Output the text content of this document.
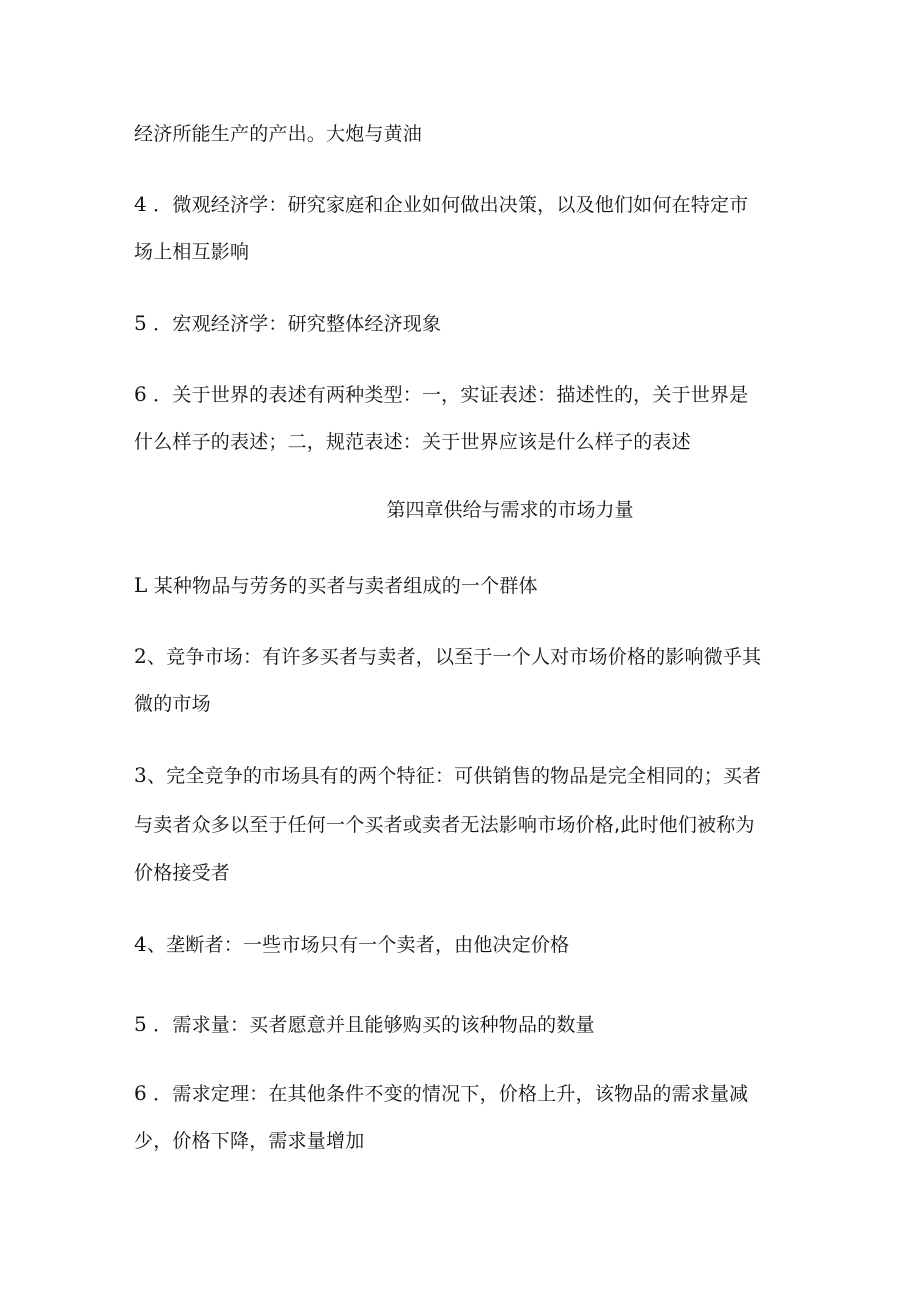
经济所能生产的产出。大炮与黄油
4 ．微观经济学：研究家庭和企业如何做出决策，以及他们如何在特定市
场上相互影响
5 ．宏观经济学：研究整体经济现象
6 ．关于世界的表述有两种类型：一，实证表述：描述性的，关于世界是
什么样子的表述；二，规范表述：关于世界应该是什么样子的表述
第四章供给与需求的市场力量
L 某种物品与劳务的买者与卖者组成的一个群体
2、竞争市场：有许多买者与卖者，以至于一个人对市场价格的影响微乎其
微的市场
3、完全竞争的市场具有的两个特征：可供销售的物品是完全相同的；买者
与卖者众多以至于任何一个买者或卖者无法影响市场价格,此时他们被称为
价格接受者
4、垄断者：一些市场只有一个卖者，由他决定价格
5 ．需求量：买者愿意并且能够购买的该种物品的数量
6 ．需求定理：在其他条件不变的情况下，价格上升，该物品的需求量减
少，价格下降，需求量增加
